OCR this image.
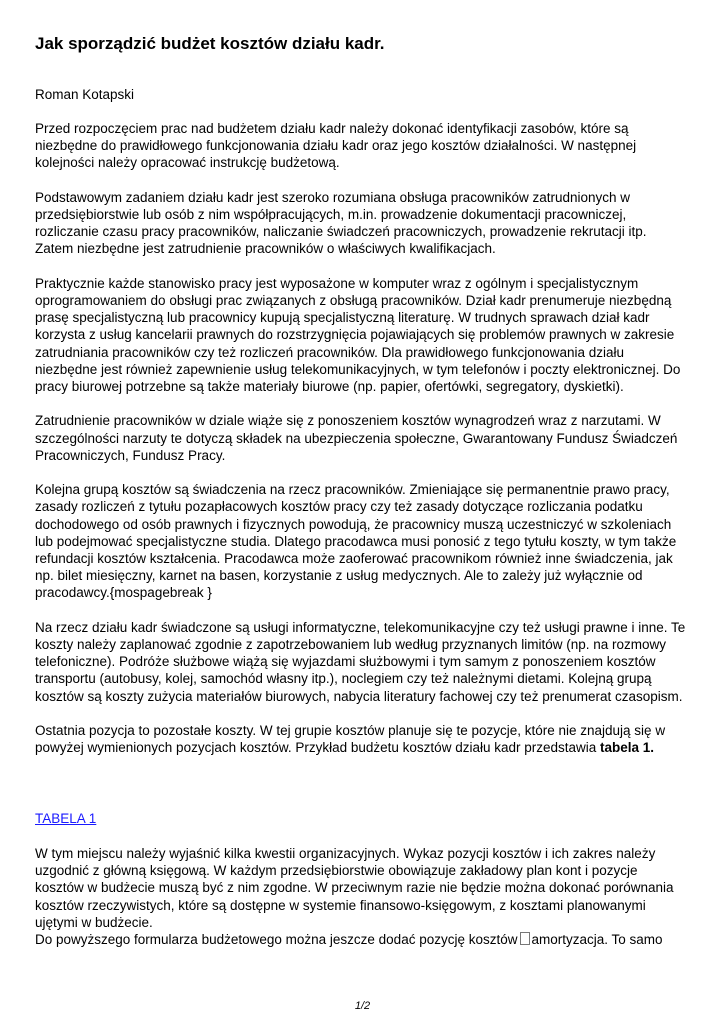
Jak sporządzić budżet kosztów działu kadr.

Roman Kotapski

Przed rozpoczęciem prac nad budżetem działu kadr należy dokonać identyfikacji zasobów, które są
niezbędne do prawidłowego funkcjonowania działu kadr oraz jego kosztów działalności. W następnej
kolejności należy opracować instrukcję budżetową.

Podstawowym zadaniem działu kadr jest szeroko rozumiana obsługa pracowników zatrudnionych w
przedsiębiorstwie lub osób z nim współpracujących, m.in. prowadzenie dokumentacji pracowniczej,
rozliczanie czasu pracy pracowników, naliczanie świadczeń pracowniczych, prowadzenie rekrutacji itp.
Zatem niezbędne jest zatrudnienie pracowników o właściwych kwalifikacjach.

Praktycznie każde stanowisko pracy jest wyposażone w komputer wraz z ogólnym i specjalistycznym
oprogramowaniem do obsługi prac związanych z obsługą pracowników. Dział kadr prenumeruje niezbędną
prasę specjalistyczną lub pracownicy kupują specjalistyczną literaturę. W trudnych sprawach dział kadr
korzysta z usług kancelarii prawnych do rozstrzygnięcia pojawiających się problemów prawnych w zakresie
zatrudniania pracowników czy też rozliczeń pracowników. Dla prawidłowego funkcjonowania działu
niezbędne jest również zapewnienie usług telekomunikacyjnych, w tym telefonów i poczty elektronicznej. Do
pracy biurowej potrzebne są także materiały biurowe (np. papier, ofertówki, segregatory, dyskietki).

Zatrudnienie pracowników w dziale wiąże się z ponoszeniem kosztów wynagrodzeń wraz z narzutami. W
szczególności narzuty te dotyczą składek na ubezpieczenia społeczne, Gwarantowany Fundusz Świadczeń
Pracowniczych, Fundusz Pracy.

Kolejna grupą kosztów są świadczenia na rzecz pracowników. Zmieniające się permanentnie prawo pracy,
zasady rozliczeń z tytułu pozapłacowych kosztów pracy czy też zasady dotyczące rozliczania podatku
dochodowego od osób prawnych i fizycznych powodują, że pracownicy muszą uczestniczyć w szkoleniach
lub podejmować specjalistyczne studia. Dlatego pracodawca musi ponosić z tego tytułu koszty, w tym także
refundacji kosztów kształcenia. Pracodawca może zaoferować pracownikom również inne świadczenia, jak
np. bilet miesięczny, karnet na basen, korzystanie z usług medycznych. Ale to zależy już wyłącznie od
pracodawcy.{mospagebreak }

Na rzecz działu kadr świadczone są usługi informatyczne, telekomunikacyjne czy też usługi prawne i inne. Te
koszty należy zaplanować zgodnie z zapotrzebowaniem lub według przyznanych limitów (np. na rozmowy
telefoniczne). Podróże służbowe wiążą się wyjazdami służbowymi i tym samym z ponoszeniem kosztów
transportu (autobusy, kolej, samochód własny itp.), noclegiem czy też należnymi dietami. Kolejną grupą
kosztów są koszty zużycia materiałów biurowych, nabycia literatury fachowej czy też prenumerat czasopism.

Ostatnia pozycja to pozostałe koszty. W tej grupie kosztów planuje się te pozycje, które nie znajdują się w
powyżej wymienionych pozycjach kosztów. Przykład budżetu kosztów działu kadr przedstawia tabela 1.

TABELA 1

W tym miejscu należy wyjaśnić kilka kwestii organizacyjnych. Wykaz pozycji kosztów i ich zakres należy
uzgodnić z główną księgową. W każdym przedsiębiorstwie obowiązuje zakładowy plan kont i pozycje
kosztów w budżecie muszą być z nim zgodne. W przeciwnym razie nie będzie można dokonać porównania
kosztów rzeczywistych, które są dostępne w systemie finansowo-księgowym, z kosztami planowanymi
ujętymi w budżecie.
Do powyższego formularza budżetowego można jeszcze dodać pozycję kosztów amortyzacja. To samo

1/2
